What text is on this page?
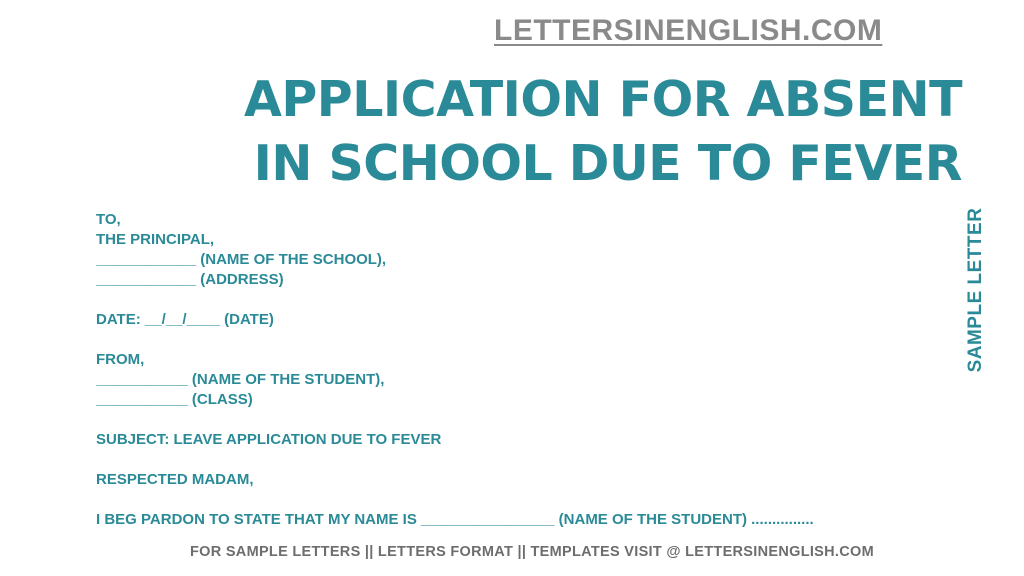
LETTERSINENGLISH.COM
APPLICATION FOR ABSENT
IN SCHOOL DUE TO FEVER
TO,
THE PRINCIPAL,
____________ (NAME OF THE SCHOOL),
____________ (ADDRESS)
DATE: __/__/____ (DATE)
FROM,
___________ (NAME OF THE STUDENT),
___________ (CLASS)
SUBJECT: LEAVE APPLICATION DUE TO FEVER
RESPECTED MADAM,
I BEG PARDON TO STATE THAT MY NAME IS ________________ (NAME OF THE STUDENT) ...............
SAMPLE LETTER
FOR SAMPLE LETTERS || LETTERS FORMAT || TEMPLATES VISIT @ LETTERSINENGLISH.COM
